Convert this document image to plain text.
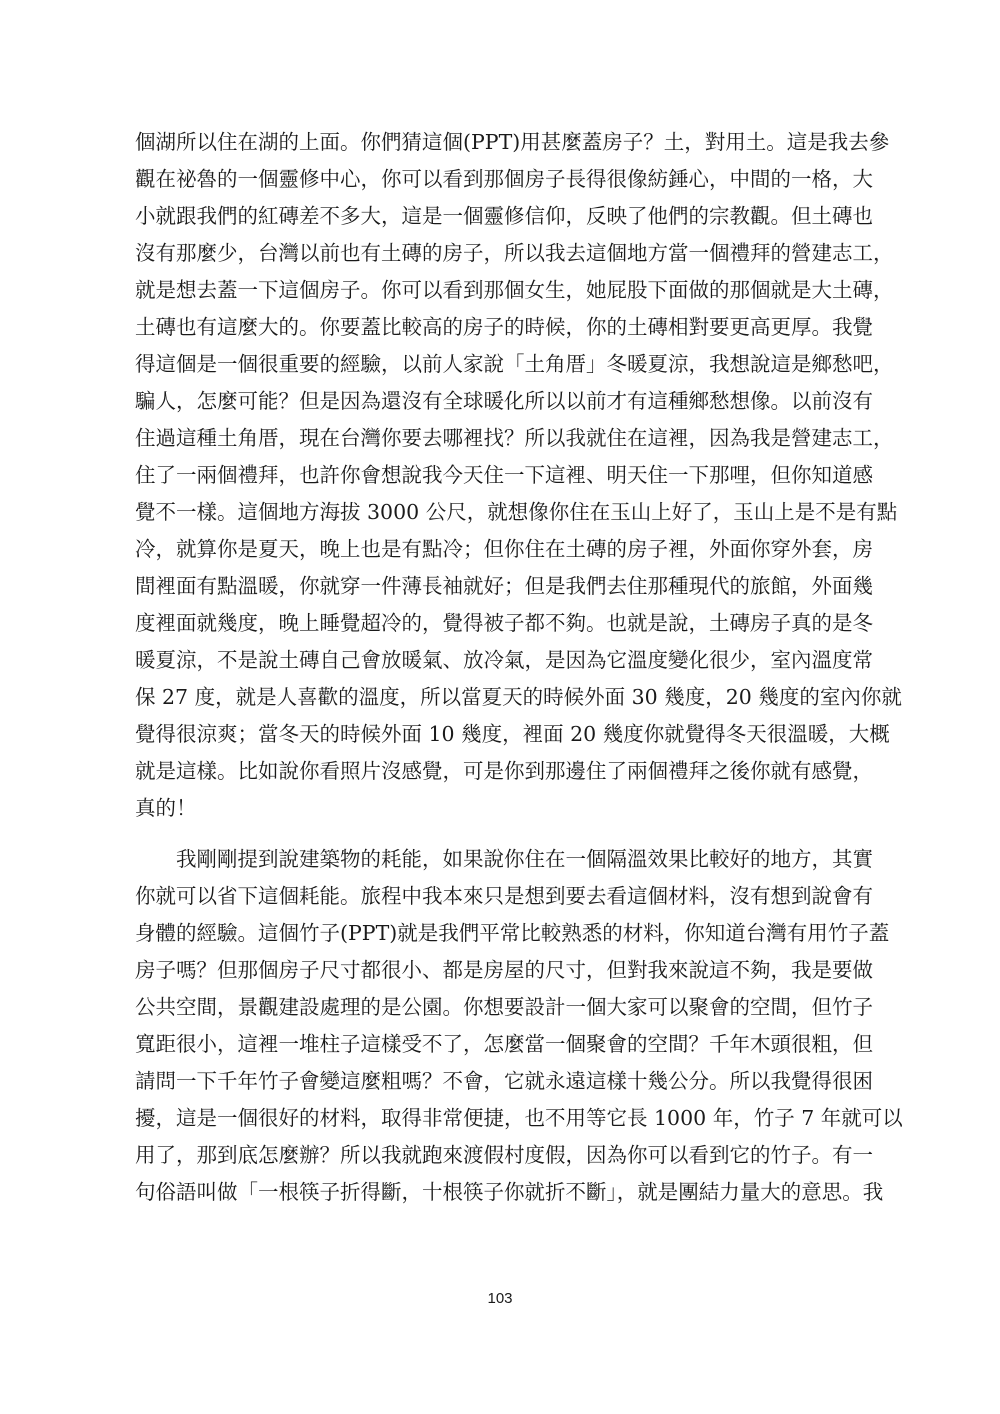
個湖所以住在湖的上面。你們猜這個(PPT)用甚麼蓋房子？土，對用土。這是我去參
觀在祕魯的一個靈修中心，你可以看到那個房子長得很像紡錘心，中間的一格，大
小就跟我們的紅磚差不多大，這是一個靈修信仰，反映了他們的宗教觀。但土磚也
沒有那麼少，台灣以前也有土磚的房子，所以我去這個地方當一個禮拜的營建志工，
就是想去蓋一下這個房子。你可以看到那個女生，她屁股下面做的那個就是大土磚，
土磚也有這麼大的。你要蓋比較高的房子的時候，你的土磚相對要更高更厚。我覺
得這個是一個很重要的經驗，以前人家說「土角厝」冬暖夏涼，我想說這是鄉愁吧，
騙人，怎麼可能？但是因為還沒有全球暖化所以以前才有這種鄉愁想像。以前沒有
住過這種土角厝，現在台灣你要去哪裡找？所以我就住在這裡，因為我是營建志工，
住了一兩個禮拜，也許你會想說我今天住一下這裡、明天住一下那哩，但你知道感
覺不一樣。這個地方海拔 3000 公尺，就想像你住在玉山上好了，玉山上是不是有點
冷，就算你是夏天，晚上也是有點冷；但你住在土磚的房子裡，外面你穿外套，房
間裡面有點溫暖，你就穿一件薄長袖就好；但是我們去住那種現代的旅館，外面幾
度裡面就幾度，晚上睡覺超冷的，覺得被子都不夠。也就是說，土磚房子真的是冬
暖夏涼，不是說土磚自己會放暖氣、放冷氣，是因為它溫度變化很少，室內溫度常
保 27 度，就是人喜歡的溫度，所以當夏天的時候外面 30 幾度，20 幾度的室內你就
覺得很涼爽；當冬天的時候外面 10 幾度，裡面 20 幾度你就覺得冬天很溫暖，大概
就是這樣。比如說你看照片沒感覺，可是你到那邊住了兩個禮拜之後你就有感覺，
真的！
　　我剛剛提到說建築物的耗能，如果說你住在一個隔溫效果比較好的地方，其實
你就可以省下這個耗能。旅程中我本來只是想到要去看這個材料，沒有想到說會有
身體的經驗。這個竹子(PPT)就是我們平常比較熟悉的材料，你知道台灣有用竹子蓋
房子嗎？但那個房子尺寸都很小、都是房屋的尺寸，但對我來說這不夠，我是要做
公共空間，景觀建設處理的是公園。你想要設計一個大家可以聚會的空間，但竹子
寬距很小，這裡一堆柱子這樣受不了，怎麼當一個聚會的空間？千年木頭很粗，但
請問一下千年竹子會變這麼粗嗎？不會，它就永遠這樣十幾公分。所以我覺得很困
擾，這是一個很好的材料，取得非常便捷，也不用等它長 1000 年，竹子 7 年就可以
用了，那到底怎麼辦？所以我就跑來渡假村度假，因為你可以看到它的竹子。有一
句俗語叫做「一根筷子折得斷，十根筷子你就折不斷」，就是團結力量大的意思。我
103
